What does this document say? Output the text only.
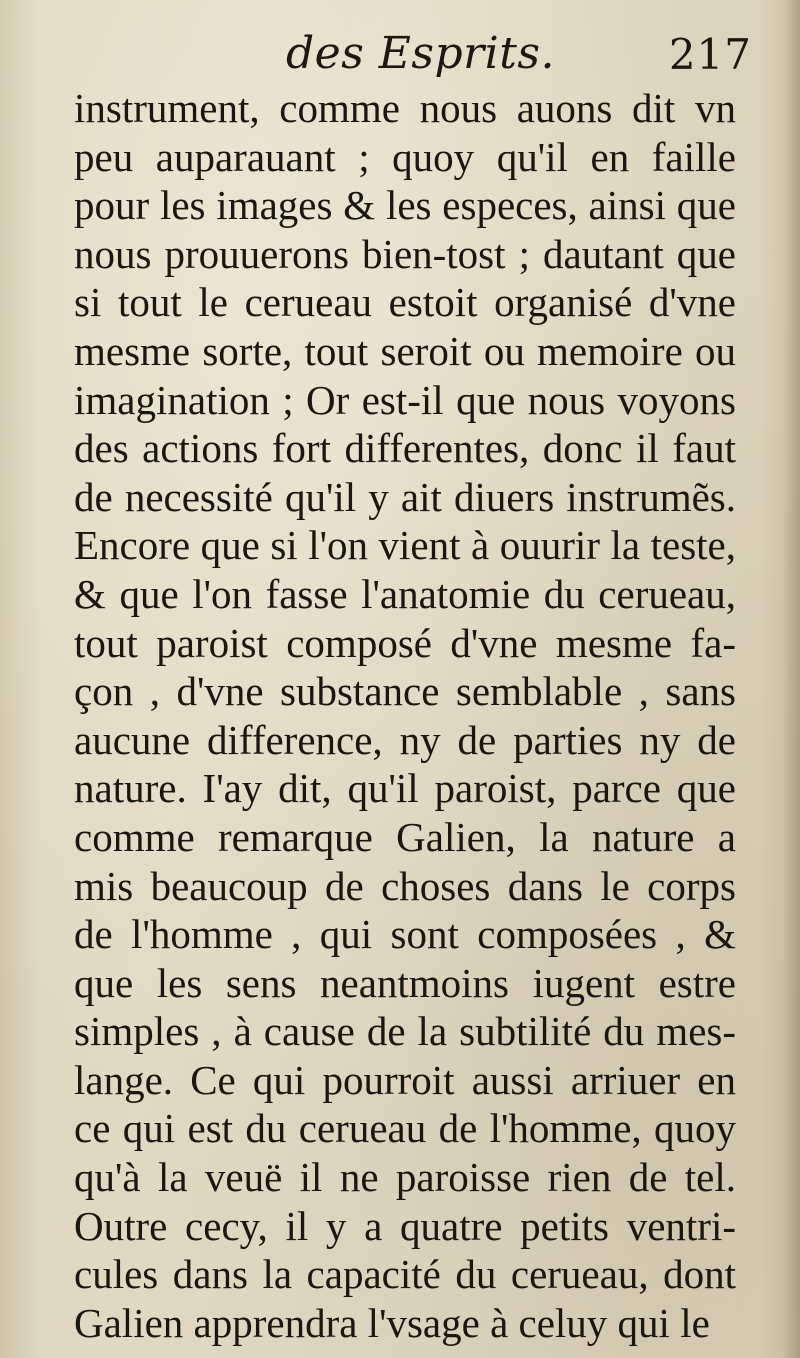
des Esprits.	217
instrument, comme nous auons dit vn
peu auparauant ; quoy qu'il en faille
pour les images & les especes, ainsi que
nous prouuerons bien-tost ; dautant que
si tout le cerueau estoit organisé d'vne
mesme sorte, tout seroit ou memoire ou
imagination ; Or est-il que nous voyons
des actions fort differentes, donc il faut
de necessité qu'il y ait diuers instrumẽs.
Encore que si l'on vient à ouurir la teste,
& que l'on fasse l'anatomie du cerueau,
tout paroist composé d'vne mesme fa-
çon , d'vne substance semblable , sans
aucune difference, ny de parties ny de
nature. I'ay dit, qu'il paroist, parce que
comme remarque Galien, la nature a
mis beaucoup de choses dans le corps
de l'homme , qui sont composées , &
que les sens neantmoins iugent estre
simples , à cause de la subtilité du mes-
lange. Ce qui pourroit aussi arriuer en
ce qui est du cerueau de l'homme, quoy
qu'à la veuë il ne paroisse rien de tel.
Outre cecy, il y a quatre petits ventri-
cules dans la capacité du cerueau, dont
Galien apprendra l'vsage à celuy qui le
